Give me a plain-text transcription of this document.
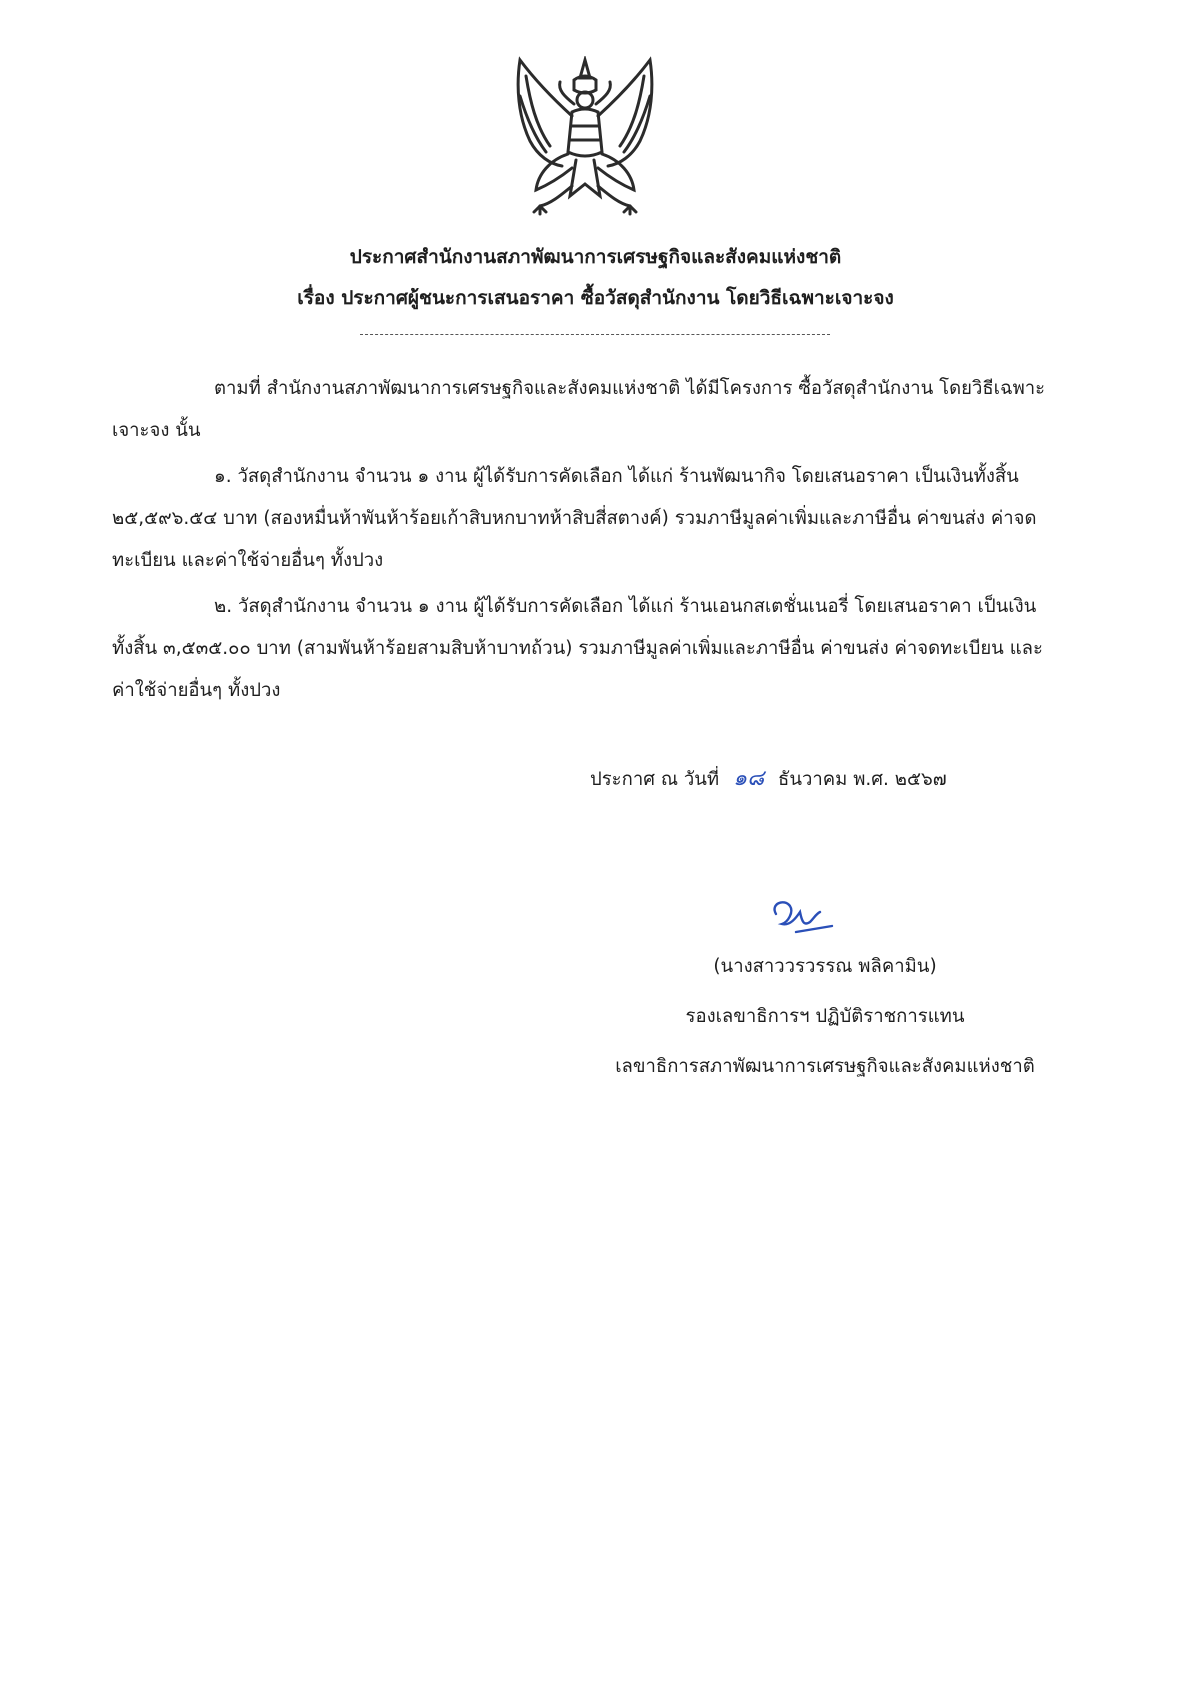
ประกาศสำนักงานสภาพัฒนาการเศรษฐกิจและสังคมแห่งชาติ
เรื่อง ประกาศผู้ชนะการเสนอราคา ซื้อวัสดุสำนักงาน โดยวิธีเฉพาะเจาะจง

ตามที่ สำนักงานสภาพัฒนาการเศรษฐกิจและสังคมแห่งชาติ ได้มีโครงการ ซื้อวัสดุสำนักงาน โดยวิธีเฉพาะเจาะจง นั้น

๑. วัสดุสำนักงาน จำนวน ๑ งาน ผู้ได้รับการคัดเลือก ได้แก่ ร้านพัฒนากิจ โดยเสนอราคา เป็นเงินทั้งสิ้น ๒๕,๕๙๖.๕๔ บาท (สองหมื่นห้าพันห้าร้อยเก้าสิบหกบาทห้าสิบสี่สตางค์) รวมภาษีมูลค่าเพิ่มและภาษีอื่น ค่าขนส่ง ค่าจดทะเบียน และค่าใช้จ่ายอื่นๆ ทั้งปวง

๒. วัสดุสำนักงาน จำนวน ๑ งาน ผู้ได้รับการคัดเลือก ได้แก่ ร้านเอนกสเตชั่นเนอรี่ โดยเสนอราคา เป็นเงินทั้งสิ้น ๓,๕๓๕.๐๐ บาท (สามพันห้าร้อยสามสิบห้าบาทถ้วน) รวมภาษีมูลค่าเพิ่มและภาษีอื่น ค่าขนส่ง ค่าจดทะเบียน และค่าใช้จ่ายอื่นๆ ทั้งปวง

ประกาศ ณ วันที่ ๑๘ ธันวาคม พ.ศ. ๒๕๖๗
(นางสาววรวรรณ พลิคามิน)
รองเลขาธิการฯ ปฏิบัติราชการแทน
เลขาธิการสภาพัฒนาการเศรษฐกิจและสังคมแห่งชาติ
